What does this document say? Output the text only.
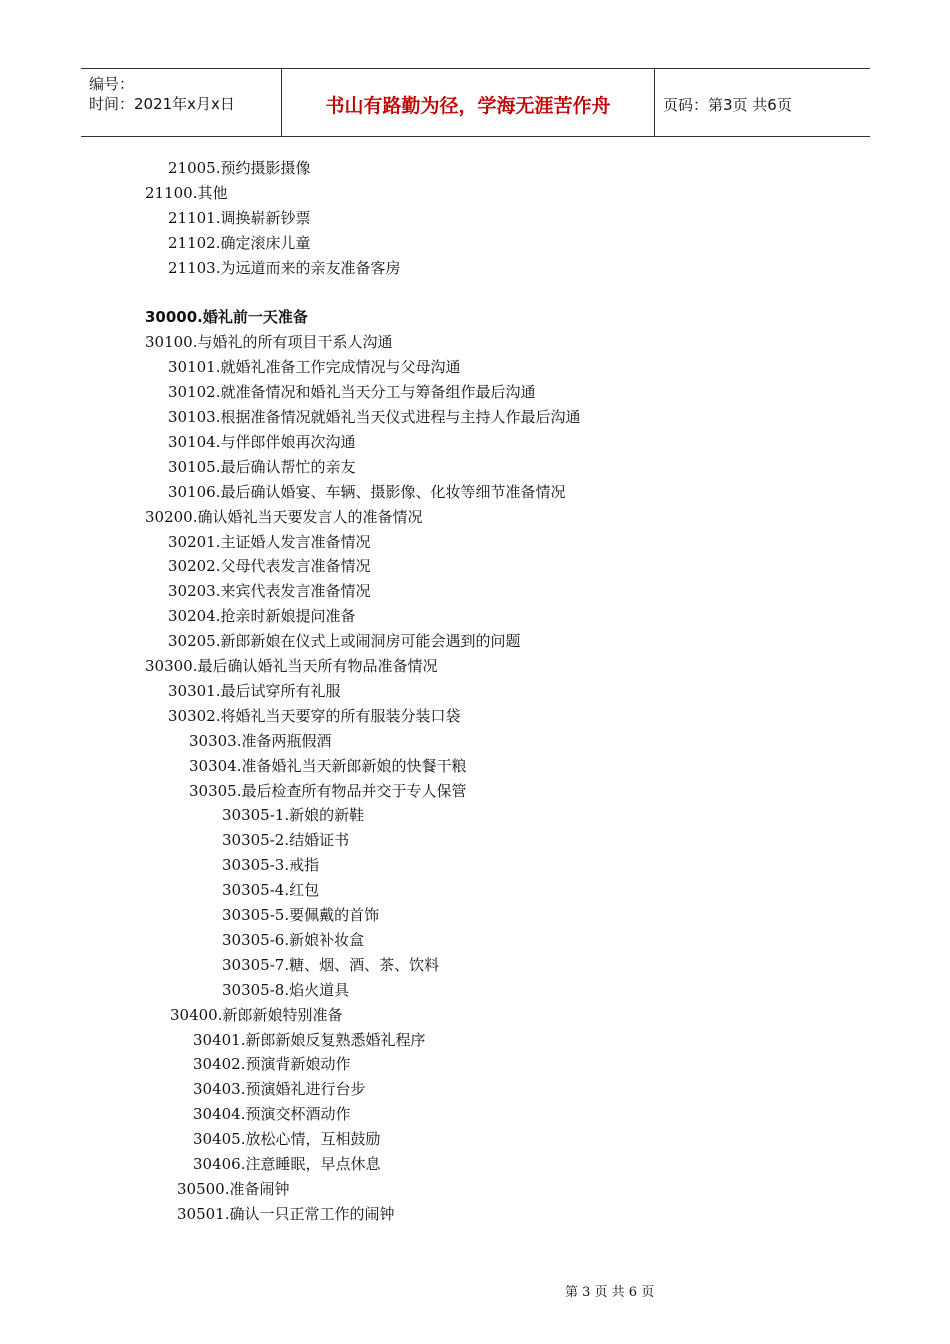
编号：
时间：2021年x月x日	书山有路勤为径，学海无涯苦作舟	页码：第3页 共6页
21005.预约摄影摄像
21100.其他
21101.调换崭新钞票
21102.确定滚床儿童
21103.为远道而来的亲友准备客房
30000.婚礼前一天准备
30100.与婚礼的所有项目干系人沟通
30101.就婚礼准备工作完成情况与父母沟通
30102.就准备情况和婚礼当天分工与筹备组作最后沟通
30103.根据准备情况就婚礼当天仪式进程与主持人作最后沟通
30104.与伴郎伴娘再次沟通
30105.最后确认帮忙的亲友
30106.最后确认婚宴、车辆、摄影像、化妆等细节准备情况
30200.确认婚礼当天要发言人的准备情况
30201.主证婚人发言准备情况
30202.父母代表发言准备情况
30203.来宾代表发言准备情况
30204.抢亲时新娘提问准备
30205.新郎新娘在仪式上或闹洞房可能会遇到的问题
30300.最后确认婚礼当天所有物品准备情况
30301.最后试穿所有礼服
30302.将婚礼当天要穿的所有服装分装口袋
30303.准备两瓶假酒
30304.准备婚礼当天新郎新娘的快餐干粮
30305.最后检查所有物品并交于专人保管
30305-1.新娘的新鞋
30305-2.结婚证书
30305-3.戒指
30305-4.红包
30305-5.要佩戴的首饰
30305-6.新娘补妆盒
30305-7.糖、烟、酒、茶、饮料
30305-8.焰火道具
30400.新郎新娘特别准备
30401.新郎新娘反复熟悉婚礼程序
30402.预演背新娘动作
30403.预演婚礼进行台步
30404.预演交杯酒动作
30405.放松心情，互相鼓励
30406.注意睡眠，早点休息
30500.准备闹钟
30501.确认一只正常工作的闹钟
第 3 页 共 6 页
